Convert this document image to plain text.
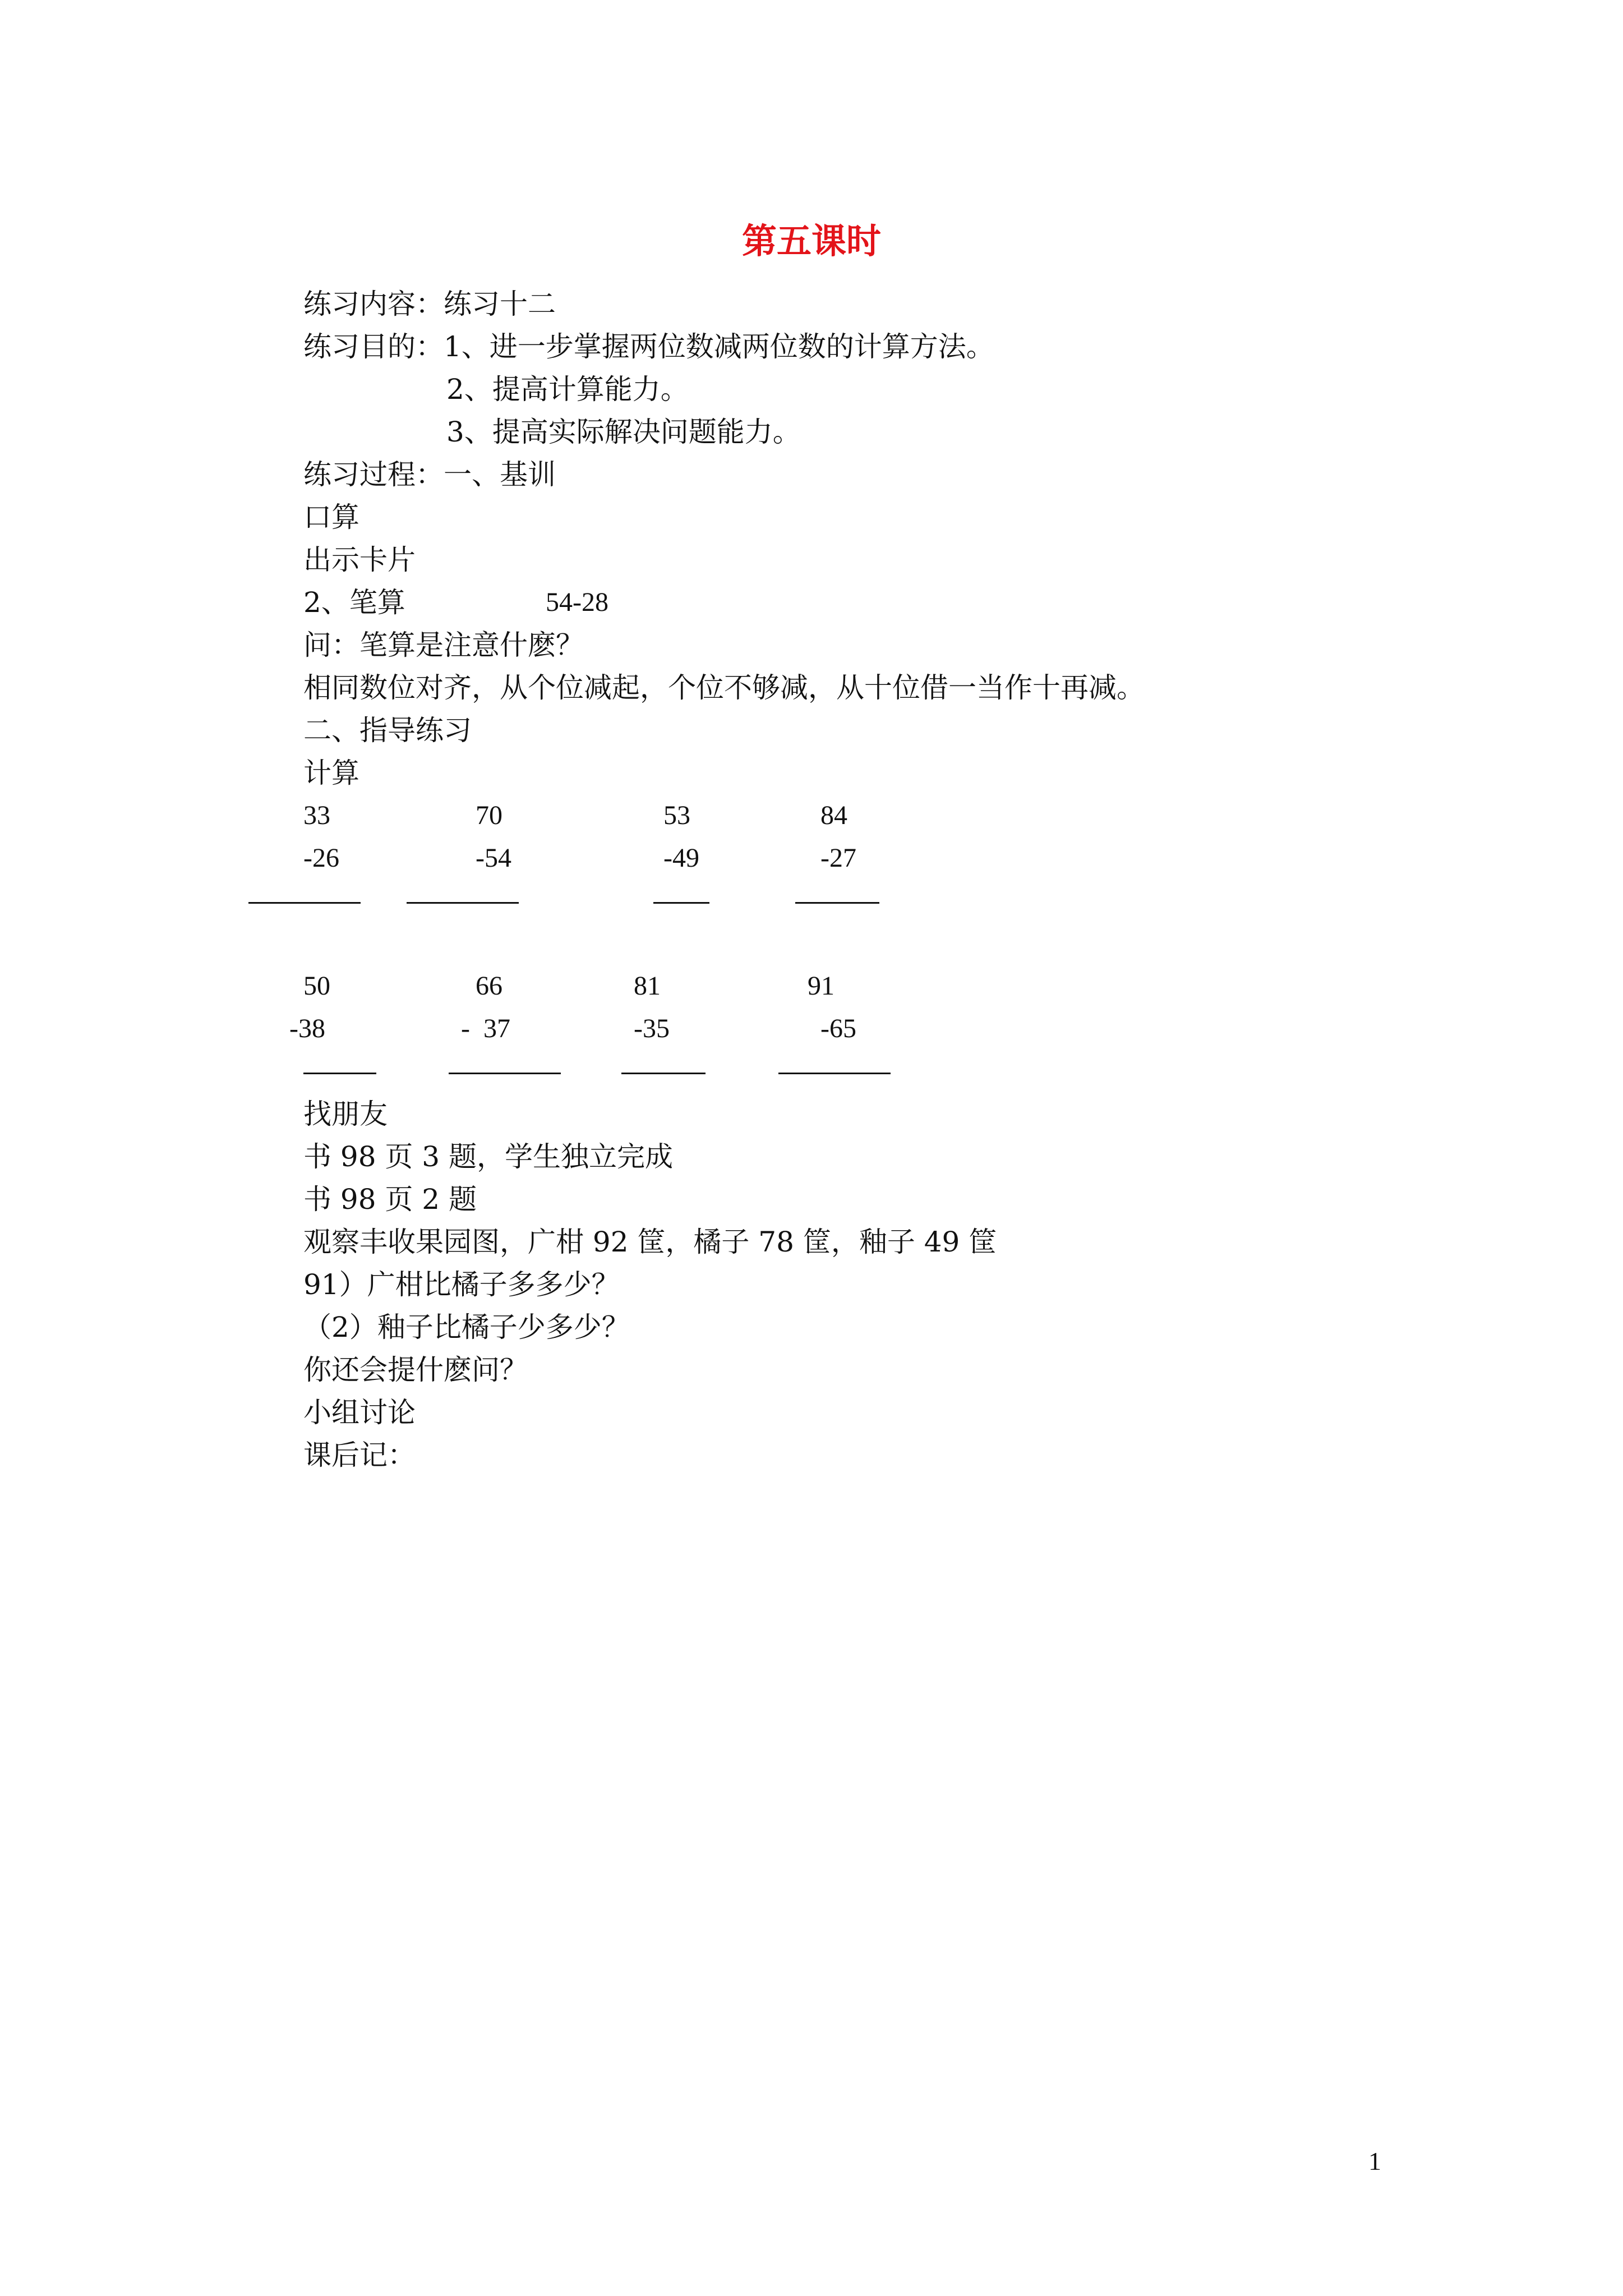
第五课时
练习内容：练习十二
练习目的：1、进一步掌握两位数减两位数的计算方法。
2、提高计算能力。
3、提高实际解决问题能力。
练习过程：一、基训
口算
出示卡片
2、笔算	54-28
问：笔算是注意什麽？
相同数位对齐，从个位减起，个位不够减，从十位借一当作十再减。
二、指导练习
计算
33
-26
70
-54
53
-49
84
-27
50
-38
66
-  37
81
-35
91
-65
找朋友
书 98 页 3 题，学生独立完成
书 98 页 2 题
观察丰收果园图，广柑 92 筐，橘子 78 筐，釉子 49 筐
91）广柑比橘子多多少？
（2）釉子比橘子少多少？
你还会提什麽问？
小组讨论
课后记：
1
